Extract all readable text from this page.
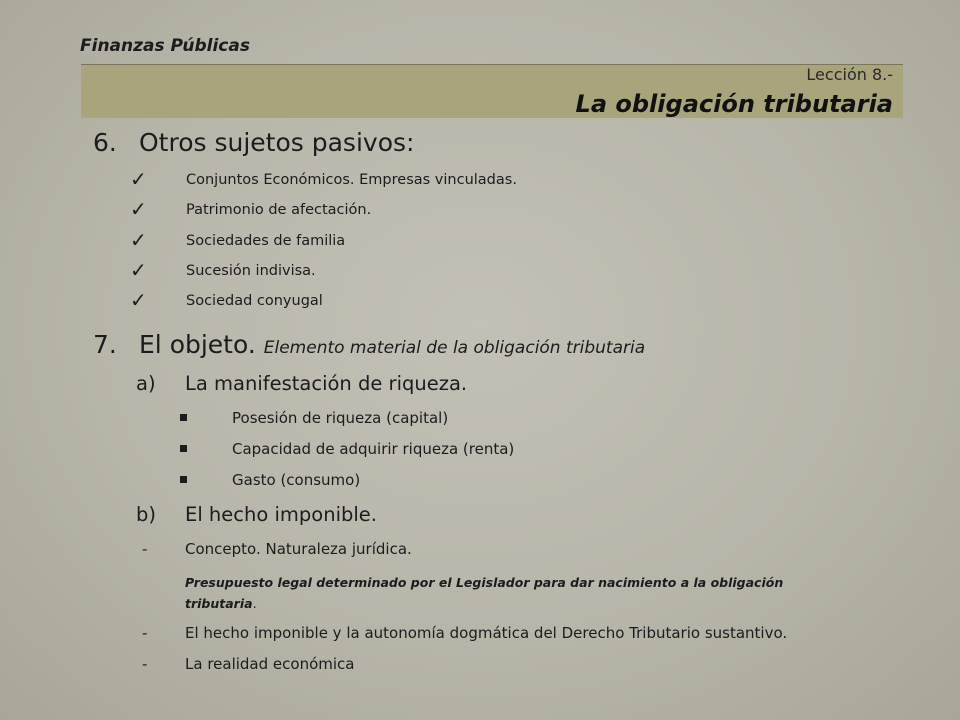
Finanzas Públicas
Lección 8.-
La obligación tributaria
6. Otros sujetos pasivos:
✓	Conjuntos Económicos. Empresas vinculadas.
✓	Patrimonio de afectación.
✓	Sociedades de familia
✓	Sucesión indivisa.
✓	Sociedad conyugal
7. El objeto. Elemento material de la obligación tributaria
a) La manifestación de riqueza.
Posesión de riqueza (capital)
Capacidad de adquirir riqueza (renta)
Gasto (consumo)
b) El hecho imponible.
-	Concepto. Naturaleza jurídica.
Presupuesto legal determinado por el Legislador para dar nacimiento a la obligación tributaria.
-	El hecho imponible y la autonomía dogmática del Derecho Tributario sustantivo.
-	La realidad económica
